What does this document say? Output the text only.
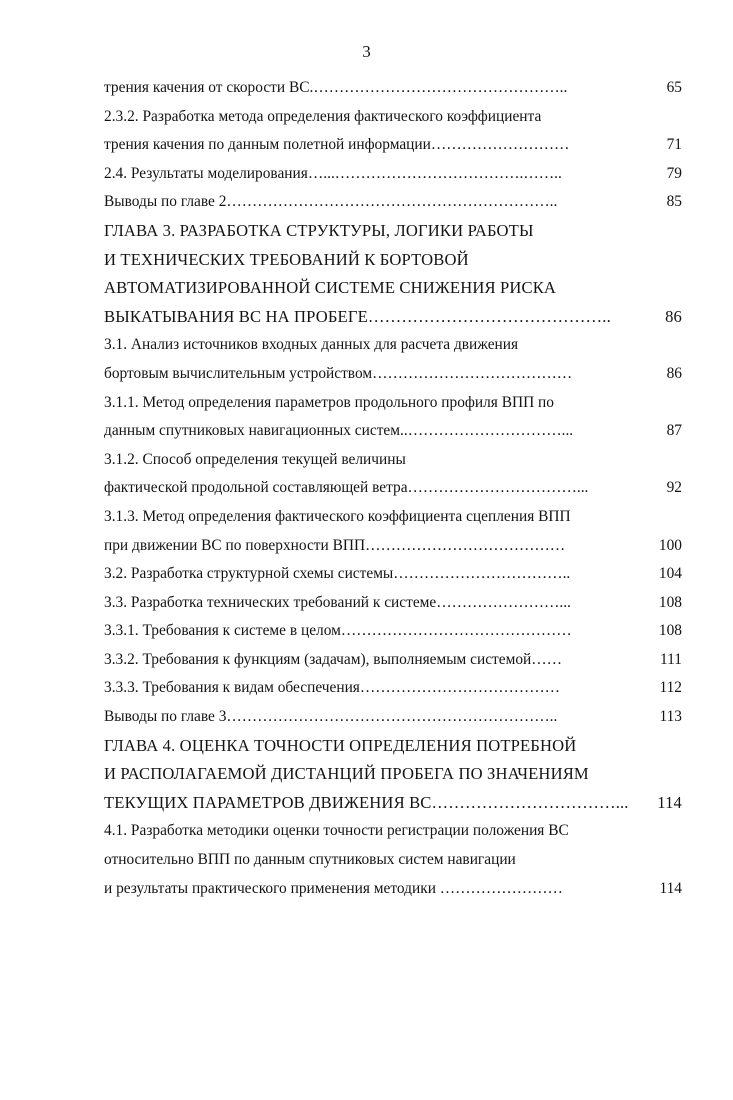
3
трения качения от скорости ВС.…………………………………………..	65
2.3.2. Разработка метода определения фактического коэффициента
трения качения по данным полетной информации………………………	71
2.4. Результаты моделирования…...……………………………….……..	79
Выводы по главе 2………………………………………………………..	85
ГЛАВА 3. РАЗРАБОТКА СТРУКТУРЫ, ЛОГИКИ РАБОТЫ
И ТЕХНИЧЕСКИХ ТРЕБОВАНИЙ К БОРТОВОЙ
АВТОМАТИЗИРОВАННОЙ СИСТЕМЕ СНИЖЕНИЯ РИСКА
ВЫКАТЫВАНИЯ ВС НА ПРОБЕГЕ……………………………………..	86
3.1. Анализ источников входных данных для расчета движения
бортовым вычислительным устройством…………………………………	86
3.1.1. Метод определения параметров продольного профиля ВПП по
данным спутниковых навигационных систем..…………………………...	87
3.1.2. Способ определения текущей величины
фактической продольной составляющей ветра……………………………...	92
3.1.3. Метод определения фактического коэффициента сцепления ВПП
при движении ВС по поверхности ВПП…………………………………	100
3.2. Разработка структурной схемы системы……………………………..	104
3.3. Разработка технических требований к системе……………………...	108
3.3.1. Требования к системе в целом………………………………………	108
3.3.2. Требования к функциям (задачам), выполняемым системой……	111
3.3.3. Требования к видам обеспечения…………………………………	112
Выводы по главе 3………………………………………………………..	113
ГЛАВА 4. ОЦЕНКА ТОЧНОСТИ ОПРЕДЕЛЕНИЯ ПОТРЕБНОЙ
И РАСПОЛАГАЕМОЙ ДИСТАНЦИЙ ПРОБЕГА ПО ЗНАЧЕНИЯМ
ТЕКУЩИХ ПАРАМЕТРОВ ДВИЖЕНИЯ ВС……………………………...	114
4.1. Разработка методики оценки точности регистрации положения ВС
относительно ВПП по данным спутниковых систем навигации
и результаты практического применения методики ……………………	114
